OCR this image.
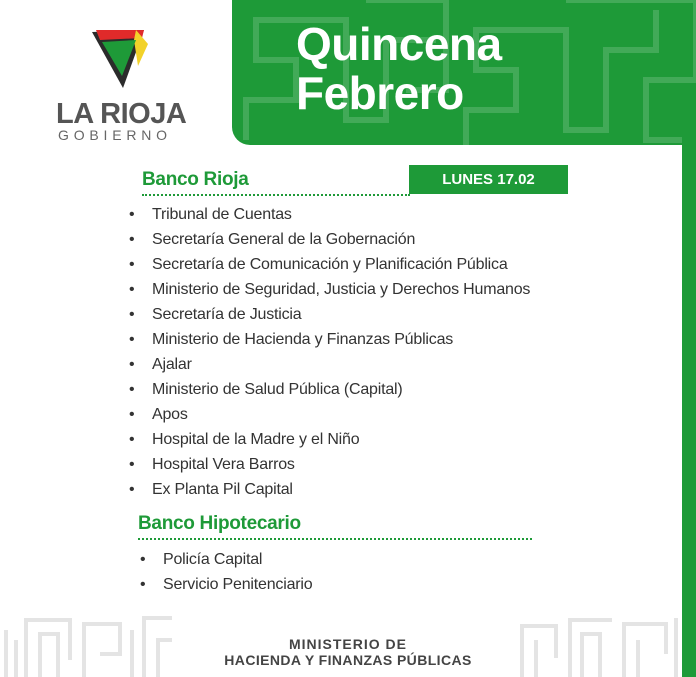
Quincena
Febrero
LA RIOJA
GOBIERNO
LUNES 17.02
Banco Rioja
• Tribunal de Cuentas
• Secretaría General de la Gobernación
• Secretaría de Comunicación y Planificación Pública
• Ministerio de Seguridad, Justicia y Derechos Humanos
• Secretaría de Justicia
• Ministerio de Hacienda y Finanzas Públicas
• Ajalar
• Ministerio de Salud Pública (Capital)
• Apos
• Hospital de la Madre y el Niño
• Hospital Vera Barros
• Ex Planta Pil Capital
Banco Hipotecario
• Policía Capital
• Servicio Penitenciario
MINISTERIO DE
HACIENDA Y FINANZAS PÚBLICAS
